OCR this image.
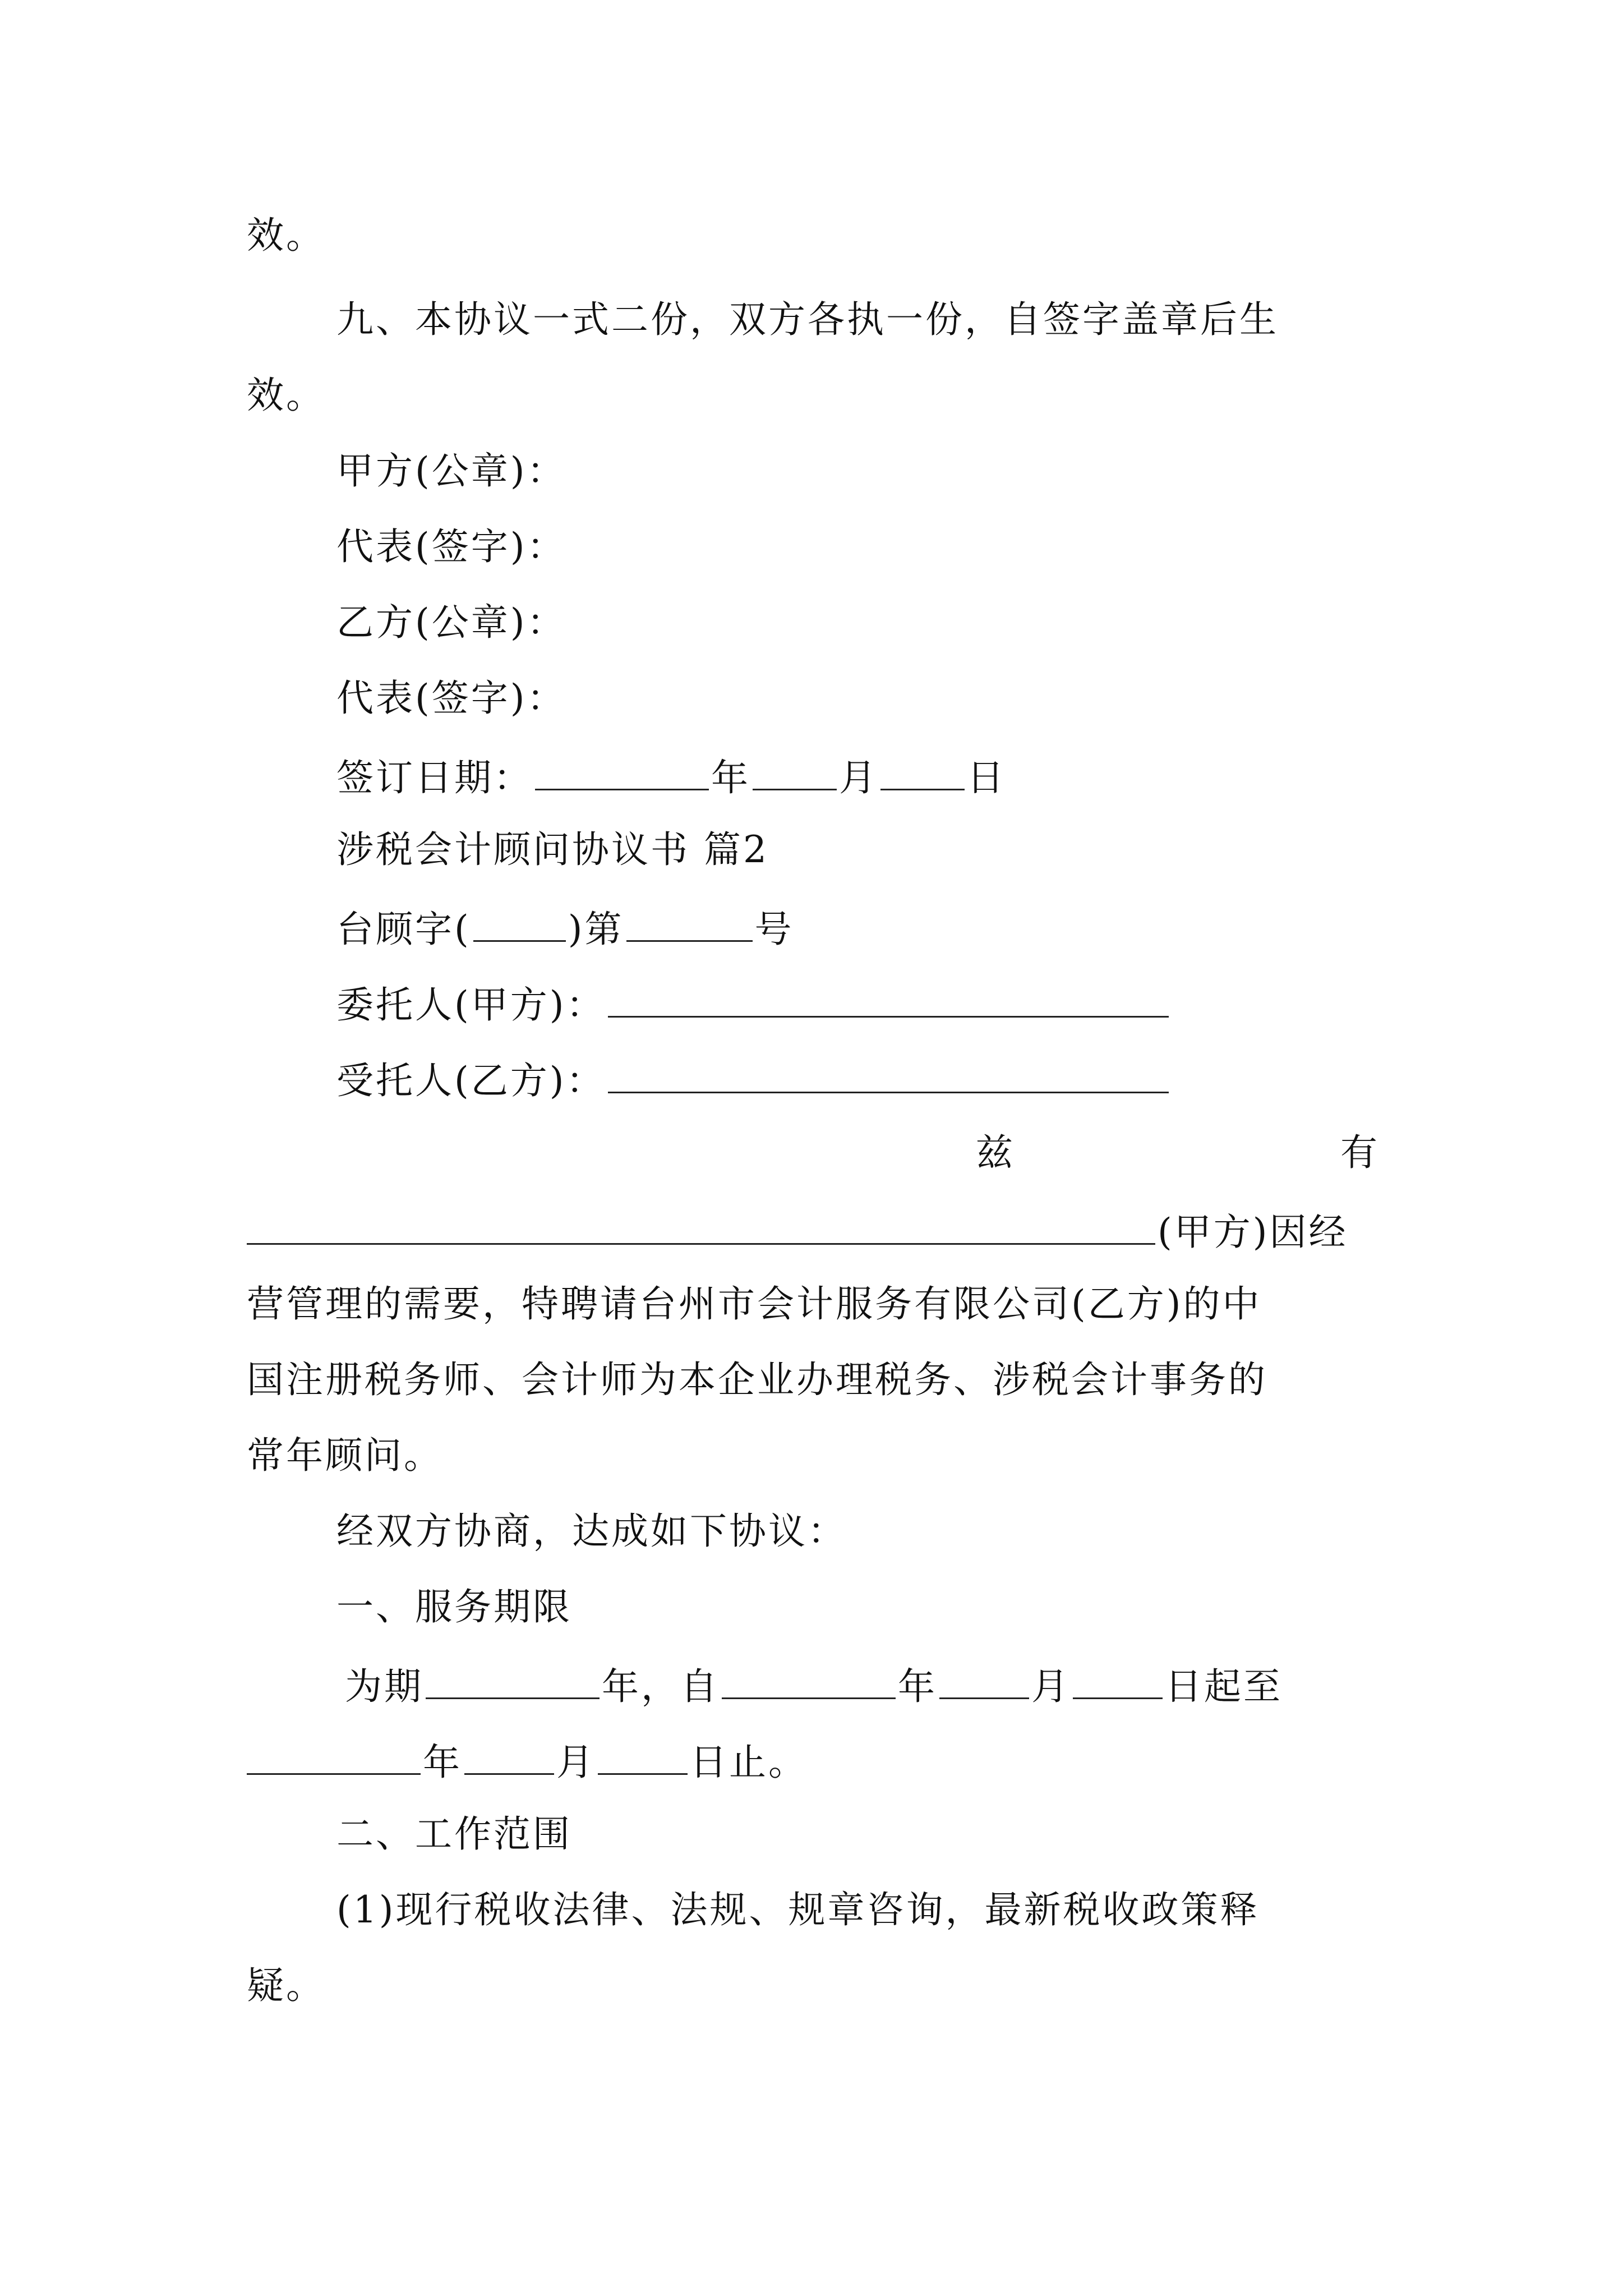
效。
九、本协议一式二份，双方各执一份，自签字盖章后生
效。
甲方(公章)：
代表(签字)：
乙方(公章)：
代表(签字)：
签订日期：	年 月 日
涉税会计顾问协议书 篇2
台顾字(	)第	号
委托人(甲方)：
受托人(乙方)：
兹	有
(甲方)因经
营管理的需要，特聘请台州市会计服务有限公司(乙方)的中
国注册税务师、会计师为本企业办理税务、涉税会计事务的
常年顾问。
经双方协商，达成如下协议：
一、服务期限
为期	年，自	年	月	日起至
年	月	日止。
二、工作范围
(1)现行税收法律、法规、规章咨询，最新税收政策释
疑。
